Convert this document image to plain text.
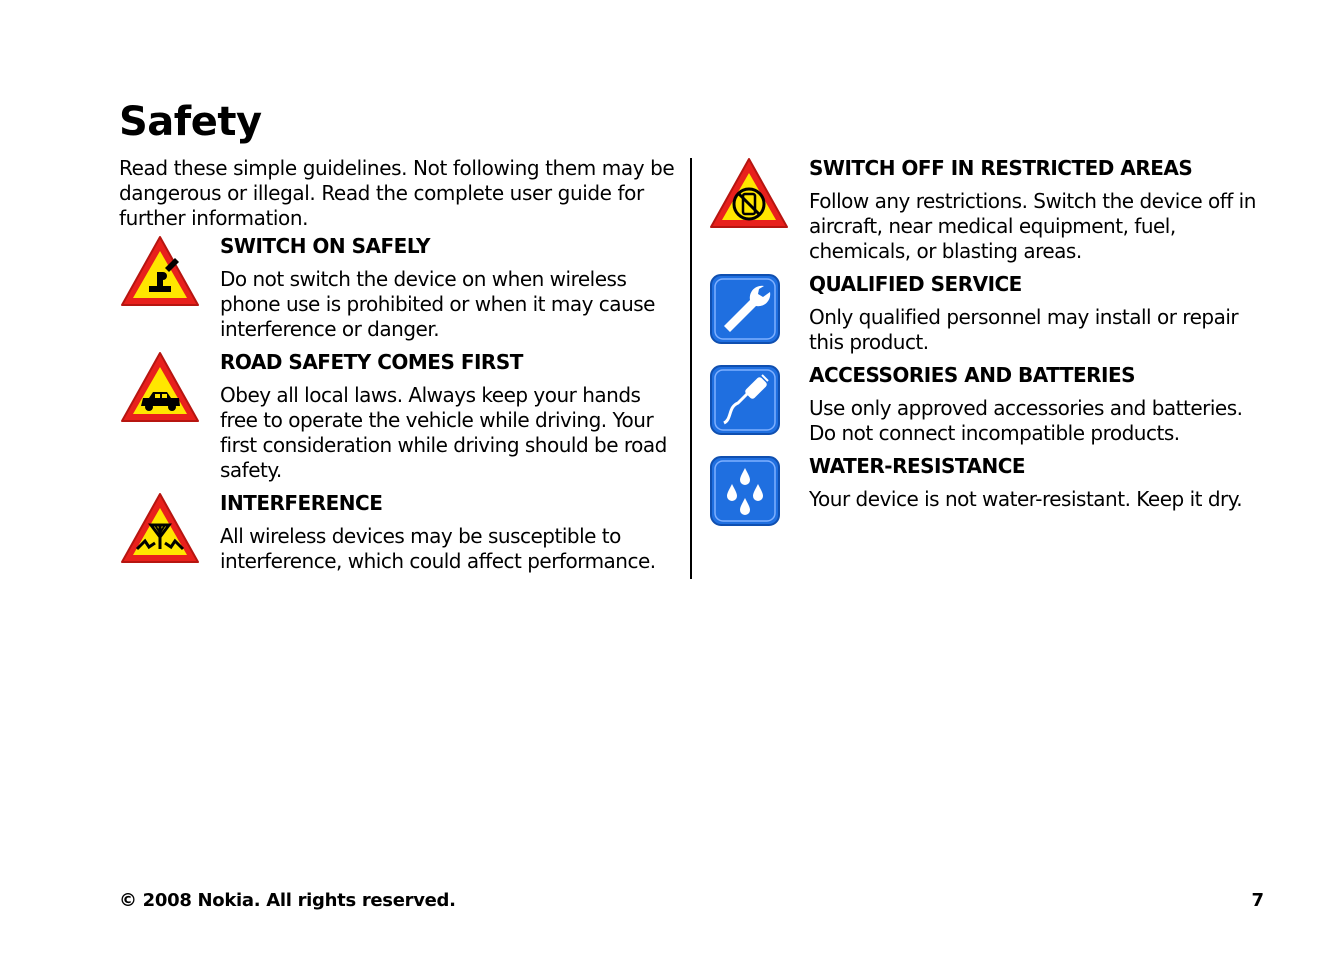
Safety

Read these simple guidelines. Not following them may be dangerous or illegal. Read the complete user guide for further information.

SWITCH ON SAFELY
Do not switch the device on when wireless phone use is prohibited or when it may cause interference or danger.
ROAD SAFETY COMES FIRST
Obey all local laws. Always keep your hands free to operate the vehicle while driving. Your first consideration while driving should be road safety.
INTERFERENCE
All wireless devices may be susceptible to interference, which could affect performance.
SWITCH OFF IN RESTRICTED AREAS
Follow any restrictions. Switch the device off in aircraft, near medical equipment, fuel, chemicals, or blasting areas.
QUALIFIED SERVICE
Only qualified personnel may install or repair this product.
ACCESSORIES AND BATTERIES
Use only approved accessories and batteries. Do not connect incompatible products.
WATER-RESISTANCE
Your device is not water-resistant. Keep it dry.
© 2008 Nokia. All rights reserved.	7
